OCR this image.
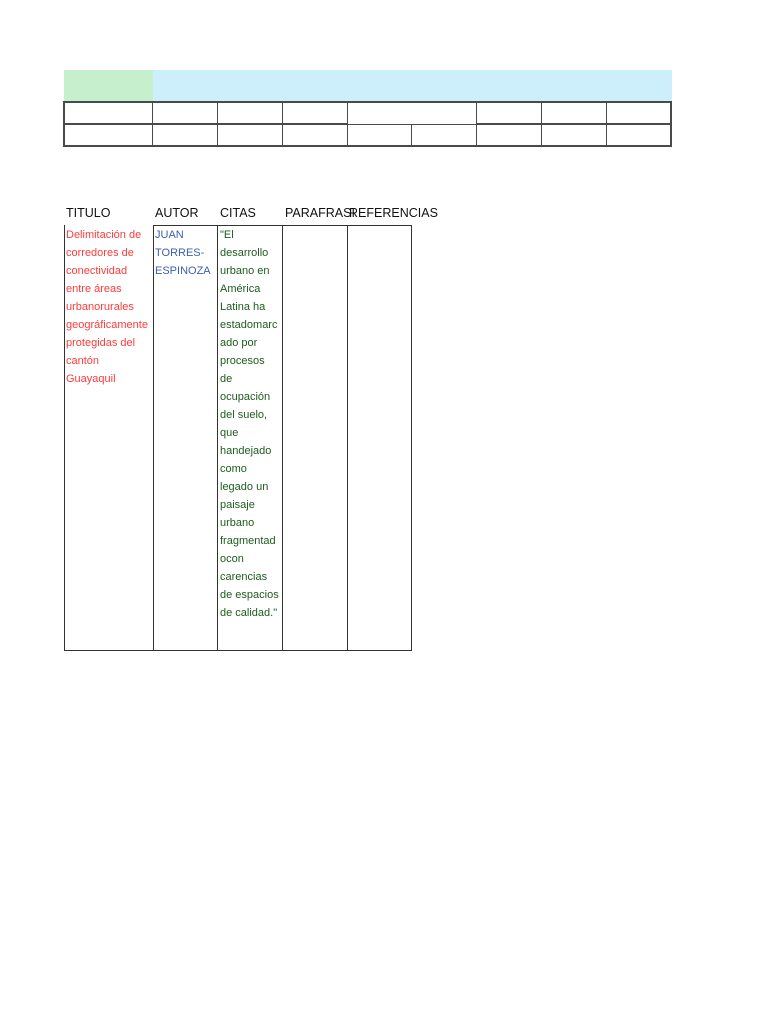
TITULO	AUTOR CITAS PARAFRASI
REFERENCIAS

Delimitación de

corredores de

conectividad

entre áreas

urbanorurales

geográficamente

protegidas del

cantón

Guayaquil

JUAN

TORRES-

ESPINOZA

"El

desarrollo

urbano en

América

Latina ha

estadomarc

ado por

procesos

de

ocupación

del suelo,

que

handejado

como

legado un

paisaje

urbano

fragmentad

ocon

carencias

de espacios

de calidad."
